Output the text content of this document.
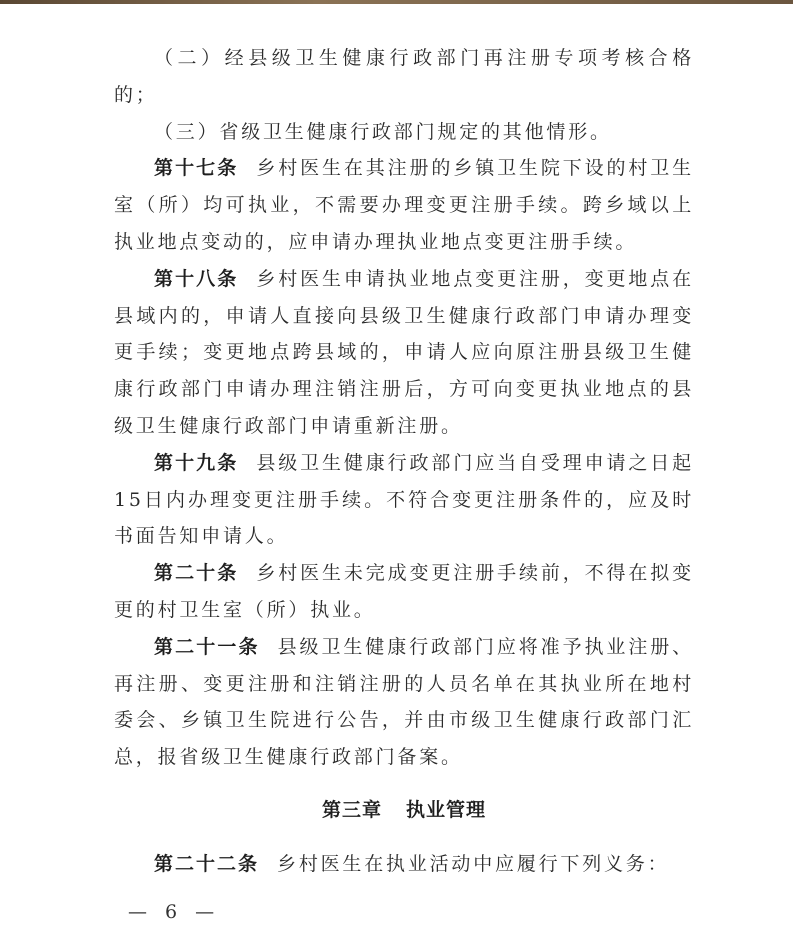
（二）经县级卫生健康行政部门再注册专项考核合格的；

（三）省级卫生健康行政部门规定的其他情形。

第十七条 乡村医生在其注册的乡镇卫生院下设的村卫生室（所）均可执业，不需要办理变更注册手续。跨乡域以上执业地点变动的，应申请办理执业地点变更注册手续。

第十八条 乡村医生申请执业地点变更注册，变更地点在县域内的，申请人直接向县级卫生健康行政部门申请办理变更手续；变更地点跨县域的，申请人应向原注册县级卫生健康行政部门申请办理注销注册后，方可向变更执业地点的县级卫生健康行政部门申请重新注册。

第十九条 县级卫生健康行政部门应当自受理申请之日起15日内办理变更注册手续。不符合变更注册条件的，应及时书面告知申请人。

第二十条 乡村医生未完成变更注册手续前，不得在拟变更的村卫生室（所）执业。

第二十一条 县级卫生健康行政部门应将准予执业注册、再注册、变更注册和注销注册的人员名单在其执业所在地村委会、乡镇卫生院进行公告，并由市级卫生健康行政部门汇总，报省级卫生健康行政部门备案。

第三章 执业管理

第二十二条 乡村医生在执业活动中应履行下列义务：

— 6 —
